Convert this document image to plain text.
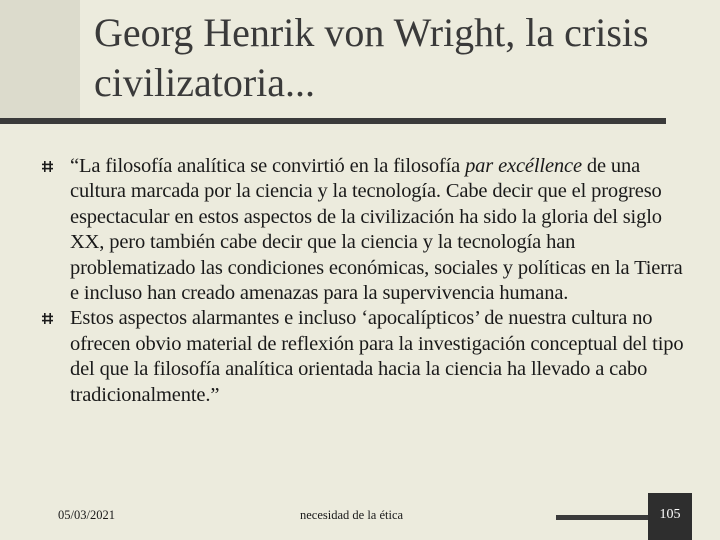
Georg Henrik von Wright, la crisis civilizatoria...
“La filosofía analítica se convirtió en la filosofía par excéllence de una cultura marcada por la ciencia y la tecnología. Cabe decir que el progreso espectacular en estos aspectos de la civilización ha sido la gloria del siglo XX, pero también cabe decir que la ciencia y la tecnología han problematizado las condiciones económicas, sociales y políticas en la Tierra e incluso han creado amenazas para la supervivencia humana.
Estos aspectos alarmantes e incluso ‘apocalípticos’ de nuestra cultura no ofrecen obvio material de reflexión para la investigación conceptual del tipo del que la filosofía analítica orientada hacia la ciencia ha llevado a cabo tradicionalmente.”
05/03/2021	necesidad de la ética	105
